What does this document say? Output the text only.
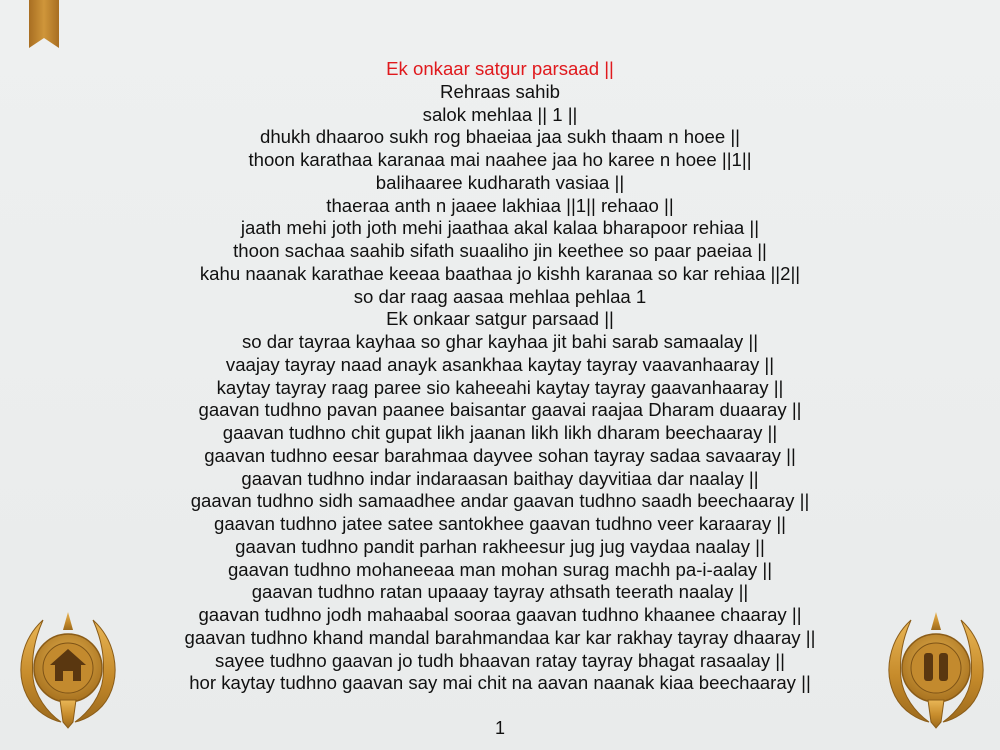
Ek onkaar satgur parsaad ||
Rehraas sahib
salok mehlaa || 1 ||
dhukh dhaaroo sukh rog bhaeiaa jaa sukh thaam n hoee ||
thoon karathaa karanaa mai naahee jaa ho karee n hoee ||1||
balihaaree kudharath vasiaa ||
thaeraa anth n jaaee lakhiaa ||1|| rehaao ||
jaath mehi joth joth mehi jaathaa akal kalaa bharapoor rehiaa ||
thoon sachaa saahib sifath suaaliho jin keethee so paar paeiaa ||
kahu naanak karathae keeaa baathaa jo kishh karanaa so kar rehiaa ||2||
so dar raag aasaa mehlaa pehlaa 1
Ek onkaar satgur parsaad ||
so dar tayraa kayhaa so ghar kayhaa jit bahi sarab samaalay ||
vaajay tayray naad anayk asankhaa kaytay tayray vaavanhaaray ||
kaytay tayray raag paree sio kaheeahi kaytay tayray gaavanhaaray ||
gaavan tudhno pavan paanee baisantar gaavai raajaa Dharam duaaray ||
gaavan tudhno chit gupat likh jaanan likh likh dharam beechaaray ||
gaavan tudhno eesar barahmaa dayvee sohan tayray sadaa savaaray ||
gaavan tudhno indar indaraasan baithay dayvitiaa dar naalay ||
gaavan tudhno sidh samaadhee andar gaavan tudhno saadh beechaaray ||
gaavan tudhno jatee satee santokhee gaavan tudhno veer karaaray ||
gaavan tudhno pandit parhan rakheesur jug jug vaydaa naalay ||
gaavan tudhno mohaneeaa man mohan surag machh pa-i-aalay ||
gaavan tudhno ratan upaaay tayray athsath teerath naalay ||
gaavan tudhno jodh mahaabal sooraa gaavan tudhno khaanee chaaray ||
gaavan tudhno khand mandal barahmandaa kar kar rakhay tayray dhaaray ||
sayee tudhno gaavan jo tudh bhaavan ratay tayray bhagat rasaalay ||
hor kaytay tudhno gaavan say mai chit na aavan naanak kiaa beechaaray ||
1
